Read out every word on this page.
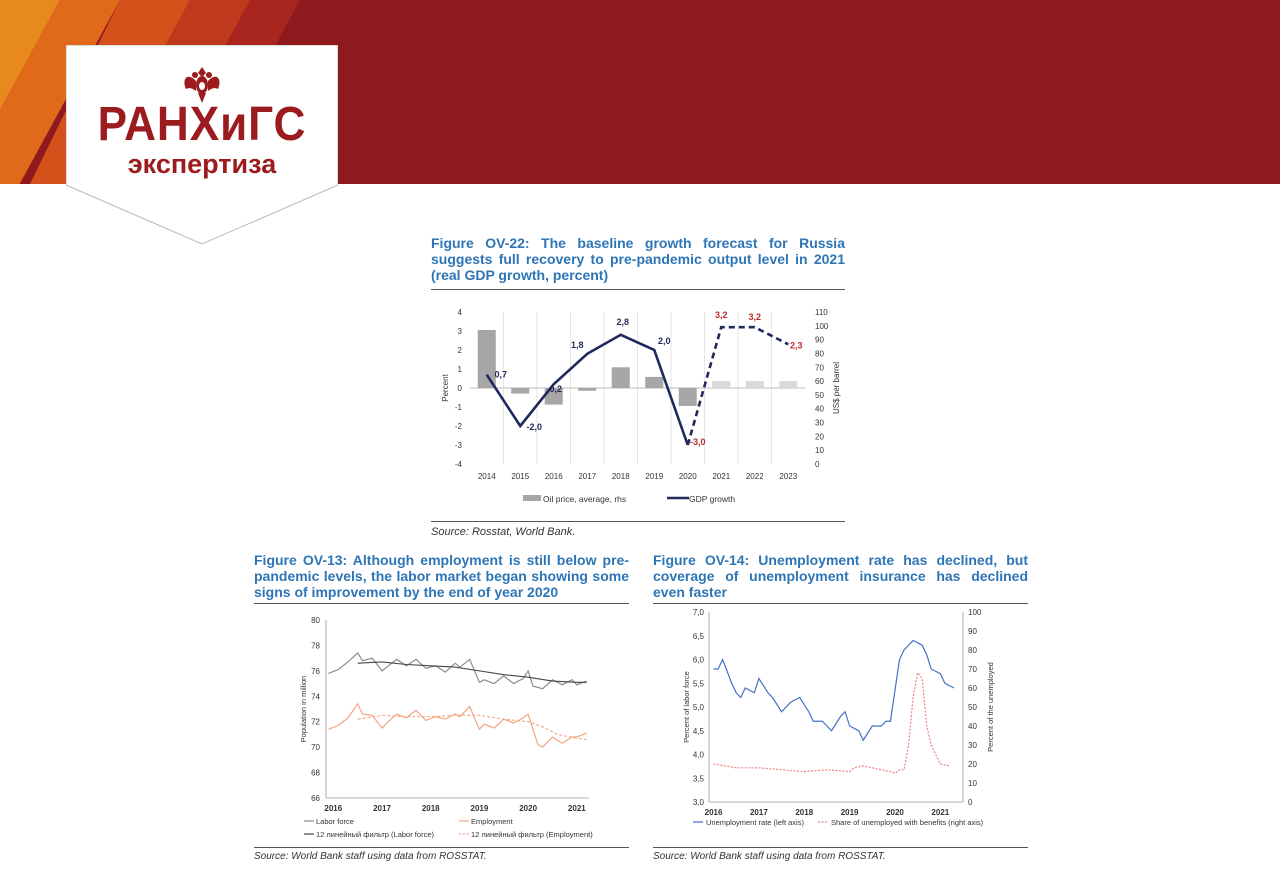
РАНХиГС
экспертиза
Figure OV-22: The baseline growth forecast for Russia suggests full recovery to pre-pandemic output level in 2021 (real GDP growth, percent)
4
3
2
1
0
-1
-2
-3
-4
110
100
90
80
70
60
50
40
30
20
10
0
2014 2015 2016 2017 2018 2019 2020 2021 2022 2023
Percent	US$ per barrel
0,7
-2,0
0,2
1,8
2,8
2,0
-3,0
3,2 3,2
2,3
Oil price, average, rhs	GDP growth
Source: Rosstat, World Bank.
Figure OV-13: Although employment is still below pre-pandemic levels, the labor market began showing some signs of improvement by the end of year 2020
80
78
76
74
72
70
68
66
2016	2017	2018	2019	2020	2021
Population in million
Labor force	Employment
12 линейный фильтр (Labor force)	12 линейный фильтр (Employment)
Source: World Bank staff using data from ROSSTAT.
Figure OV-14: Unemployment rate has declined, but coverage of unemployment insurance has declined even faster
7,0
6,5
6,0
5,5
5,0
4,5
4,0
3,5
3,0
100
90
80
70
60
50
40
30
20
10
0
2016	2017	2018	2019	2020	2021
Percent of labor force	Percent of the unemployed
Unemployment rate (left axis)	Share of unemployed with benefits (right axis)
Source: World Bank staff using data from ROSSTAT.
